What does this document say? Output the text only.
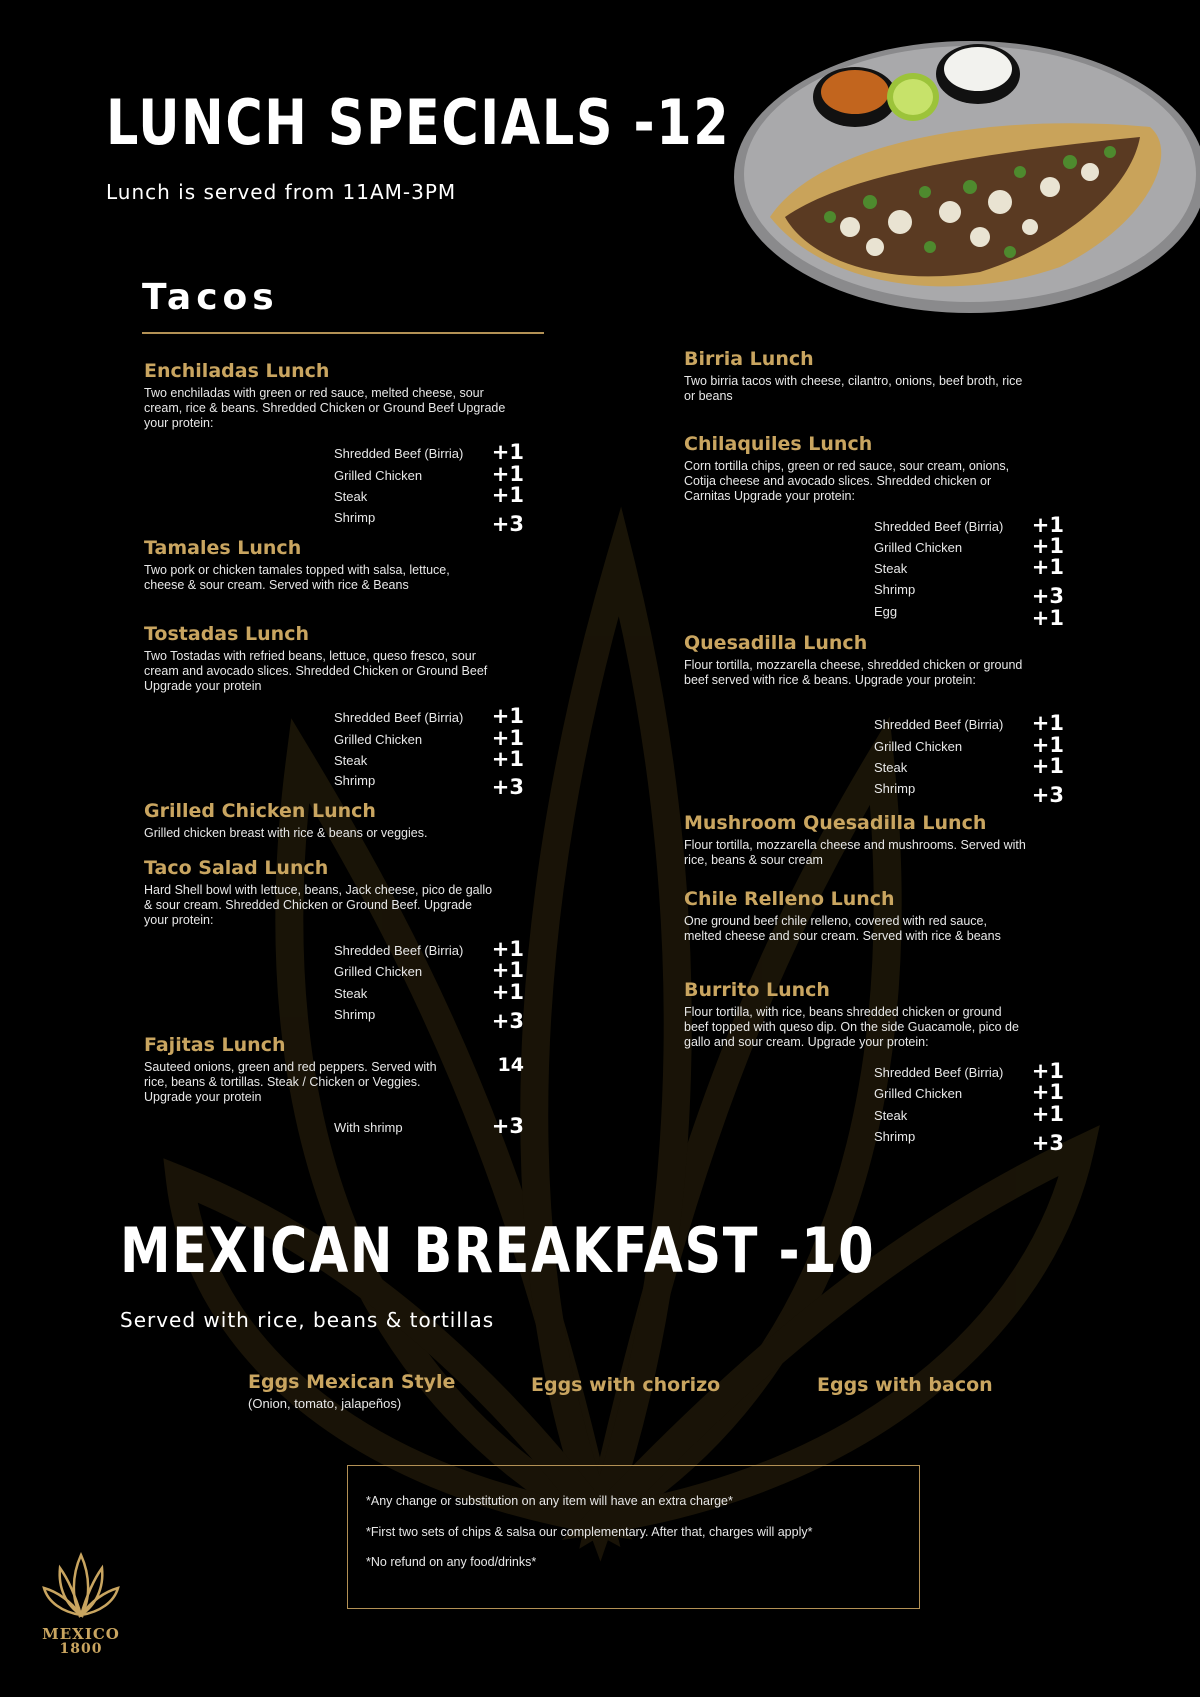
LUNCH SPECIALS -12
Lunch is served from 11AM-3PM
Tacos
Enchiladas Lunch
Two enchiladas with green or red sauce, melted cheese, sour cream, rice & beans. Shredded Chicken or Ground Beef Upgrade your protein:
Shredded Beef (Birria) +1
Grilled Chicken	+1
Steak	+1
Shrimp	+3
Tamales Lunch
Two pork or chicken tamales topped with salsa, lettuce, cheese & sour cream. Served with rice & Beans
Tostadas Lunch
Two Tostadas with refried beans, lettuce, queso fresco, sour cream and avocado slices. Shredded Chicken or Ground Beef Upgrade your protein
Shredded Beef (Birria) +1
Grilled Chicken	+1
Steak	+1
Shrimp	+3
Grilled Chicken Lunch
Grilled chicken breast with rice & beans or veggies.
Taco Salad Lunch
Hard Shell bowl with lettuce, beans, Jack cheese, pico de gallo & sour cream. Shredded Chicken or Ground Beef. Upgrade your protein:
Shredded Beef (Birria) +1
Grilled Chicken	+1
Steak	+1
Shrimp	+3
Fajitas Lunch
Sauteed onions, green and red peppers. Served with rice, beans & tortillas. Steak / Chicken or Veggies. Upgrade your protein
14
With shrimp	+3
Birria Lunch
Two birria tacos with cheese, cilantro, onions, beef broth, rice or beans
Chilaquiles Lunch
Corn tortilla chips, green or red sauce, sour cream, onions, Cotija cheese and avocado slices. Shredded chicken or Carnitas Upgrade your protein:
Shredded Beef (Birria) +1
Grilled Chicken	+1
Steak	+1
Shrimp	+3
Egg	+1
Quesadilla Lunch
Flour tortilla, mozzarella cheese, shredded chicken or ground beef served with rice & beans. Upgrade your protein:
Shredded Beef (Birria) +1
Grilled Chicken	+1
Steak	+1
Shrimp	+3
Mushroom Quesadilla Lunch
Flour tortilla, mozzarella cheese and mushrooms. Served with rice, beans & sour cream
Chile Relleno Lunch
One ground beef chile relleno, covered with red sauce, melted cheese and sour cream. Served with rice & beans
Burrito Lunch
Flour tortilla, with rice, beans shredded chicken or ground beef topped with queso dip. On the side Guacamole, pico de gallo and sour cream. Upgrade your protein:
Shredded Beef (Birria) +1
Grilled Chicken	+1
Steak	+1
Shrimp	+3
MEXICAN BREAKFAST -10
Served with rice, beans & tortillas
Eggs Mexican Style
(Onion, tomato, jalapeños)
Eggs with chorizo	Eggs with bacon
*Any change or substitution on any item will have an extra charge*
*First two sets of chips & salsa our complementary. After that, charges will apply*
*No refund on any food/drinks*
MEXICO
1800
